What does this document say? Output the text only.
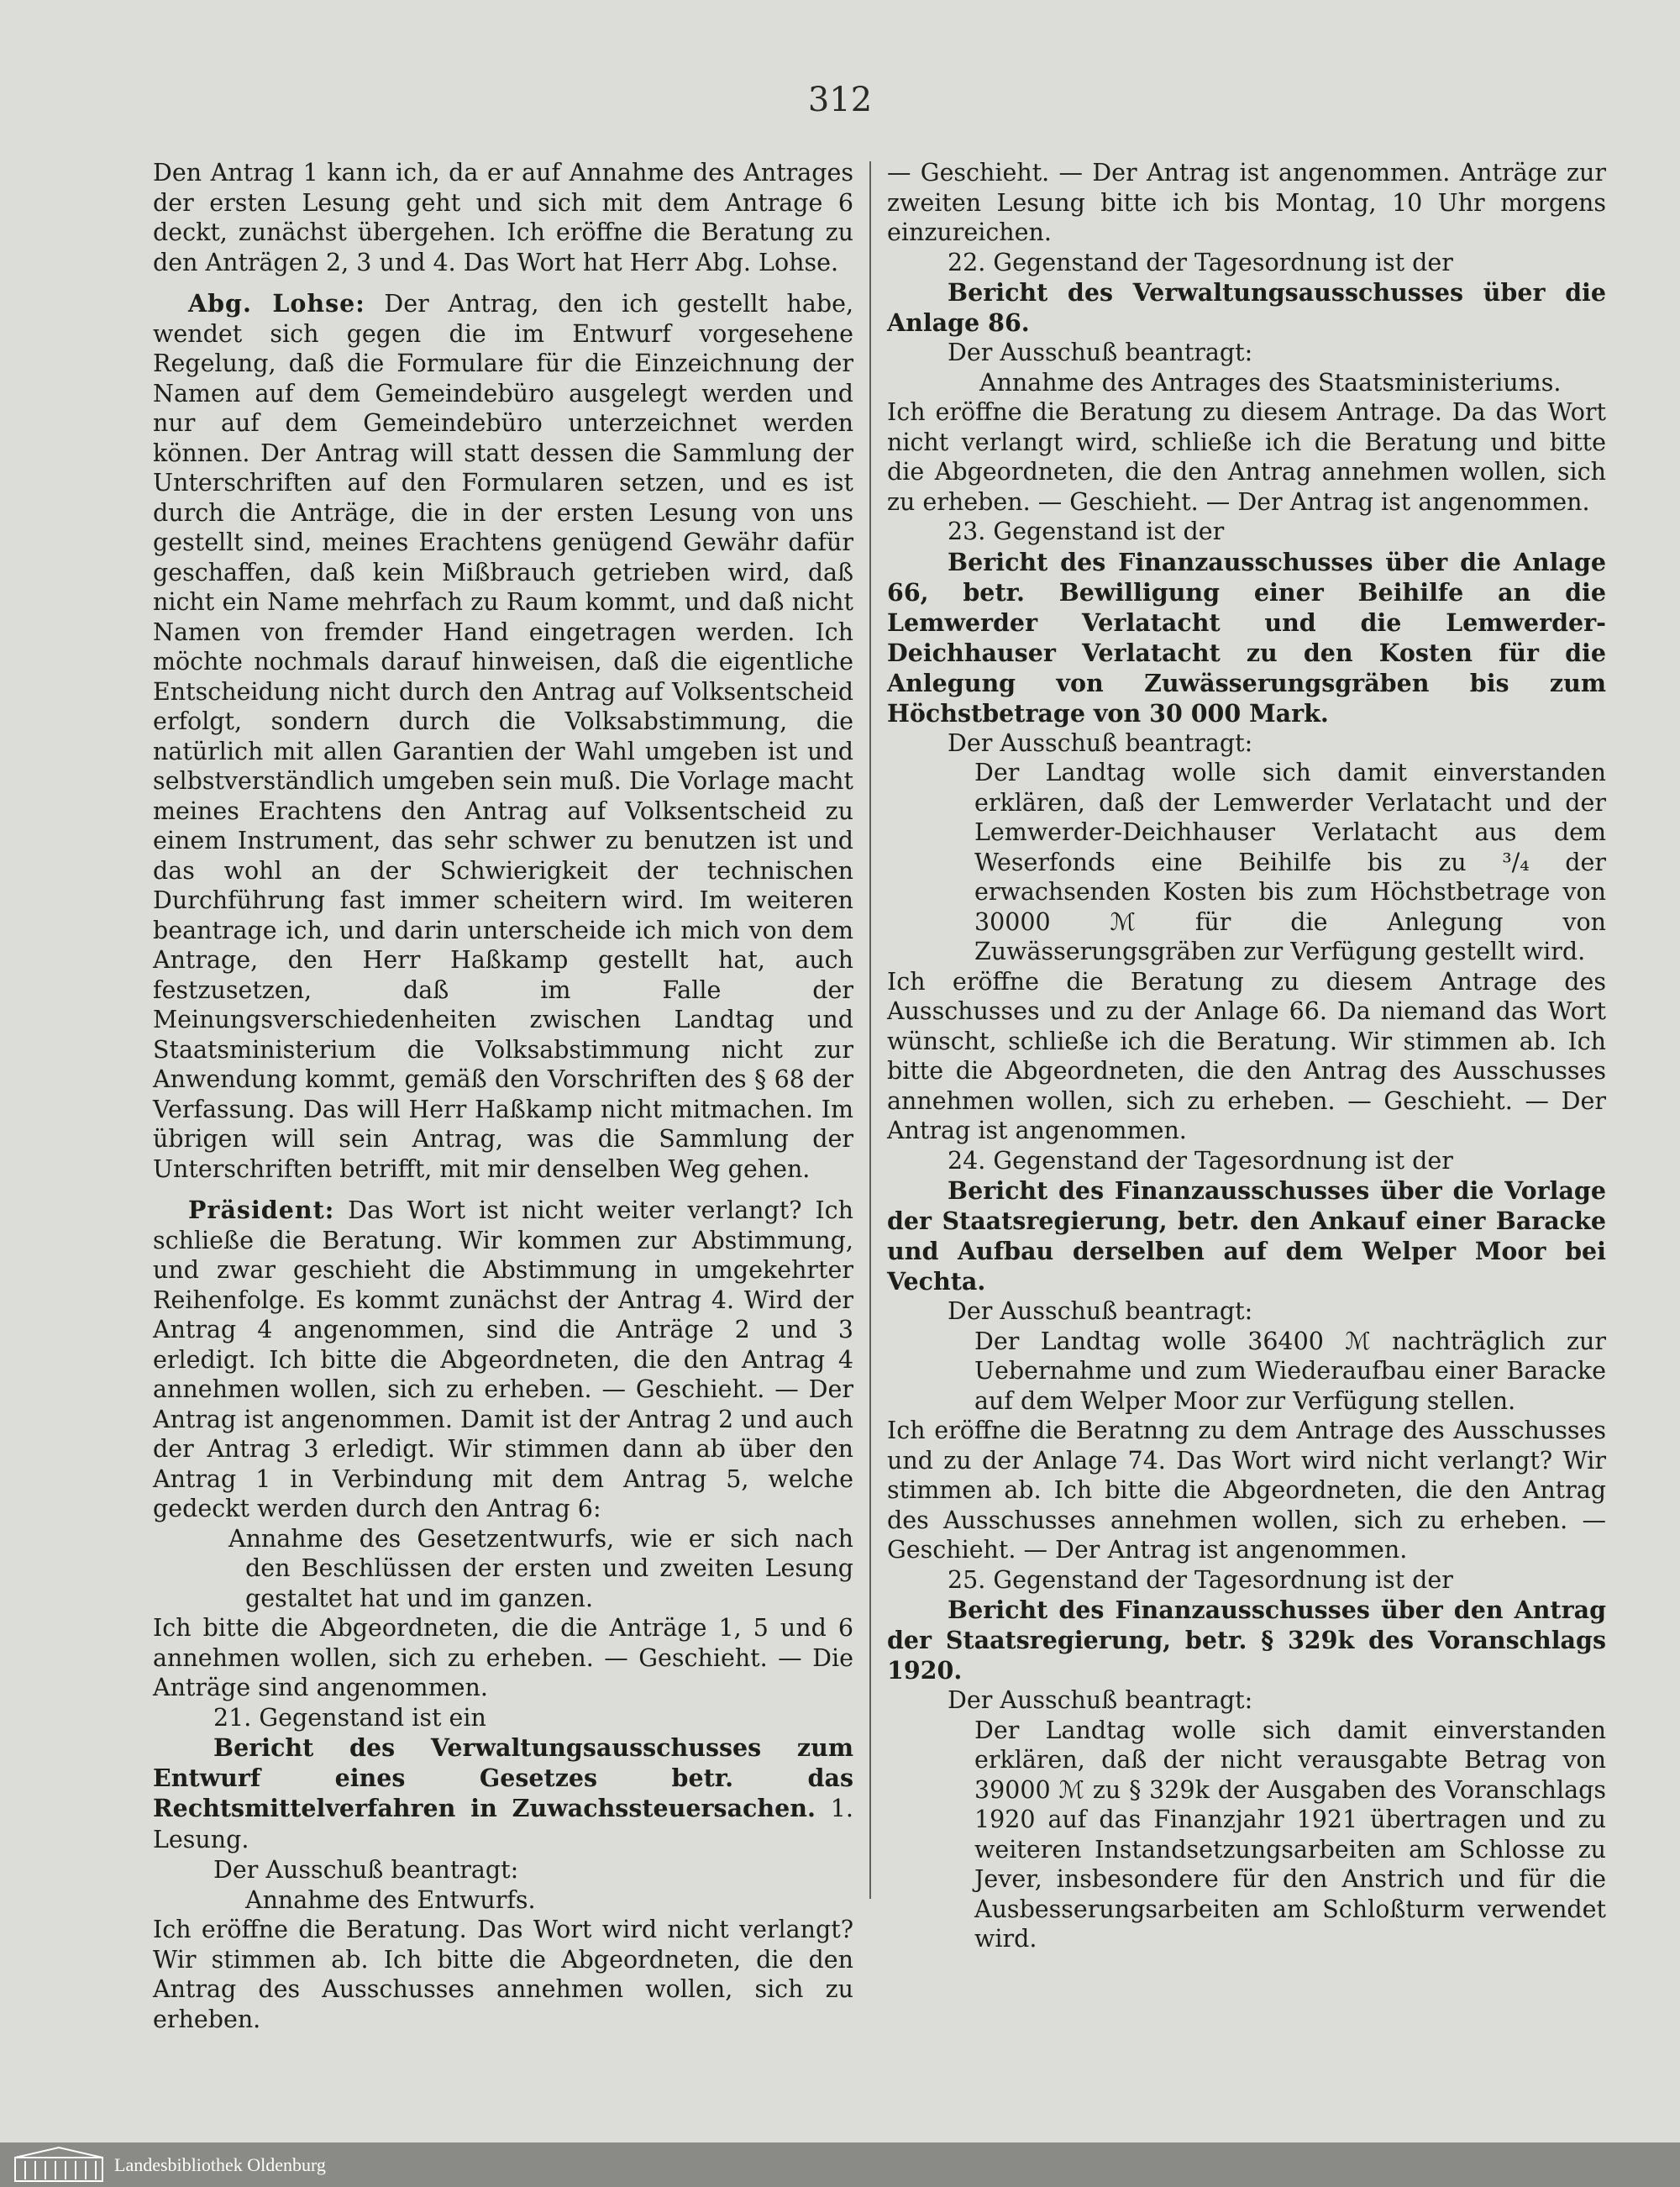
312

Den Antrag 1 kann ich, da er auf Annahme des Antrages der ersten Lesung geht und sich mit dem Antrage 6 deckt, zunächst übergehen. Ich eröffne die Beratung zu den Anträgen 2, 3 und 4. Das Wort hat Herr Abg. Lohse.

Abg. Lohse: Der Antrag, den ich gestellt habe, wendet sich gegen die im Entwurf vorgesehene Regelung, daß die Formulare für die Einzeichnung der Namen auf dem Gemeindebüro ausgelegt werden und nur auf dem Gemeindebüro unterzeichnet werden können. Der Antrag will statt dessen die Sammlung der Unterschriften auf den Formularen setzen, und es ist durch die Anträge, die in der ersten Lesung von uns gestellt sind, meines Erachtens genügend Gewähr dafür geschaffen, daß kein Mißbrauch getrieben wird, daß nicht ein Name mehrfach zu Raum kommt, und daß nicht Namen von fremder Hand eingetragen werden. Ich möchte nochmals darauf hinweisen, daß die eigentliche Entscheidung nicht durch den Antrag auf Volksentscheid erfolgt, sondern durch die Volksabstimmung, die natürlich mit allen Garantien der Wahl umgeben ist und selbstverständlich umgeben sein muß. Die Vorlage macht meines Erachtens den Antrag auf Volksentscheid zu einem Instrument, das sehr schwer zu benutzen ist und das wohl an der Schwierigkeit der technischen Durchführung fast immer scheitern wird. Im weiteren beantrage ich, und darin unterscheide ich mich von dem Antrage, den Herr Haßkamp gestellt hat, auch festzusetzen, daß im Falle der Meinungsverschiedenheiten zwischen Landtag und Staatsministerium die Volksabstimmung nicht zur Anwendung kommt, gemäß den Vorschriften des § 68 der Verfassung. Das will Herr Haßkamp nicht mitmachen. Im übrigen will sein Antrag, was die Sammlung der Unterschriften betrifft, mit mir denselben Weg gehen.

Präsident: Das Wort ist nicht weiter verlangt? Ich schließe die Beratung. Wir kommen zur Abstimmung, und zwar geschieht die Abstimmung in umgekehrter Reihenfolge. Es kommt zunächst der Antrag 4. Wird der Antrag 4 angenommen, sind die Anträge 2 und 3 erledigt. Ich bitte die Abgeordneten, die den Antrag 4 annehmen wollen, sich zu erheben. — Geschieht. — Der Antrag ist angenommen. Damit ist der Antrag 2 und auch der Antrag 3 erledigt. Wir stimmen dann ab über den Antrag 1 in Verbindung mit dem Antrag 5, welche gedeckt werden durch den Antrag 6:

Annahme des Gesetzentwurfs, wie er sich nach den Beschlüssen der ersten und zweiten Lesung gestaltet hat und im ganzen.

Ich bitte die Abgeordneten, die die Anträge 1, 5 und 6 annehmen wollen, sich zu erheben. — Geschieht. — Die Anträge sind angenommen.

21. Gegenstand ist ein

Bericht des Verwaltungsausschusses zum Entwurf eines Gesetzes betr. das Rechtsmittelverfahren in Zuwachssteuersachen. 1. Lesung.

Der Ausschuß beantragt:

Annahme des Entwurfs.

Ich eröffne die Beratung. Das Wort wird nicht verlangt? Wir stimmen ab. Ich bitte die Abgeordneten, die den Antrag des Ausschusses annehmen wollen, sich zu erheben.

— Geschieht. — Der Antrag ist angenommen. Anträge zur zweiten Lesung bitte ich bis Montag, 10 Uhr morgens einzureichen.

22. Gegenstand der Tagesordnung ist der

Bericht des Verwaltungsausschusses über die Anlage 86.

Der Ausschuß beantragt:

Annahme des Antrages des Staatsministeriums.

Ich eröffne die Beratung zu diesem Antrage. Da das Wort nicht verlangt wird, schließe ich die Beratung und bitte die Abgeordneten, die den Antrag annehmen wollen, sich zu erheben. — Geschieht. — Der Antrag ist angenommen.

23. Gegenstand ist der

Bericht des Finanzausschusses über die Anlage 66, betr. Bewilligung einer Beihilfe an die Lemwerder Verlatacht und die Lemwerder-Deichhauser Verlatacht zu den Kosten für die Anlegung von Zuwässerungsgräben bis zum Höchstbetrage von 30 000 Mark.

Der Ausschuß beantragt:

Der Landtag wolle sich damit einverstanden erklären, daß der Lemwerder Verlatacht und der Lemwerder-Deichhauser Verlatacht aus dem Weserfonds eine Beihilfe bis zu ³/₄ der erwachsenden Kosten bis zum Höchstbetrage von 30000 ℳ für die Anlegung von Zuwässerungsgräben zur Verfügung gestellt wird.

Ich eröffne die Beratung zu diesem Antrage des Ausschusses und zu der Anlage 66. Da niemand das Wort wünscht, schließe ich die Beratung. Wir stimmen ab. Ich bitte die Abgeordneten, die den Antrag des Ausschusses annehmen wollen, sich zu erheben. — Geschieht. — Der Antrag ist angenommen.

24. Gegenstand der Tagesordnung ist der

Bericht des Finanzausschusses über die Vorlage der Staatsregierung, betr. den Ankauf einer Baracke und Aufbau derselben auf dem Welper Moor bei Vechta.

Der Ausschuß beantragt:

Der Landtag wolle 36400 ℳ nachträglich zur Uebernahme und zum Wiederaufbau einer Baracke auf dem Welper Moor zur Verfügung stellen.

Ich eröffne die Beratnng zu dem Antrage des Ausschusses und zu der Anlage 74. Das Wort wird nicht verlangt? Wir stimmen ab. Ich bitte die Abgeordneten, die den Antrag des Ausschusses annehmen wollen, sich zu erheben. — Geschieht. — Der Antrag ist angenommen.

25. Gegenstand der Tagesordnung ist der

Bericht des Finanzausschusses über den Antrag der Staatsregierung, betr. § 329k des Voranschlags 1920.

Der Ausschuß beantragt:

Der Landtag wolle sich damit einverstanden erklären, daß der nicht verausgabte Betrag von 39000 ℳ zu § 329k der Ausgaben des Voranschlags 1920 auf das Finanzjahr 1921 übertragen und zu weiteren Instandsetzungsarbeiten am Schlosse zu Jever, insbesondere für den Anstrich und für die Ausbesserungsarbeiten am Schloßturm verwendet wird.

Landesbibliothek Oldenburg
